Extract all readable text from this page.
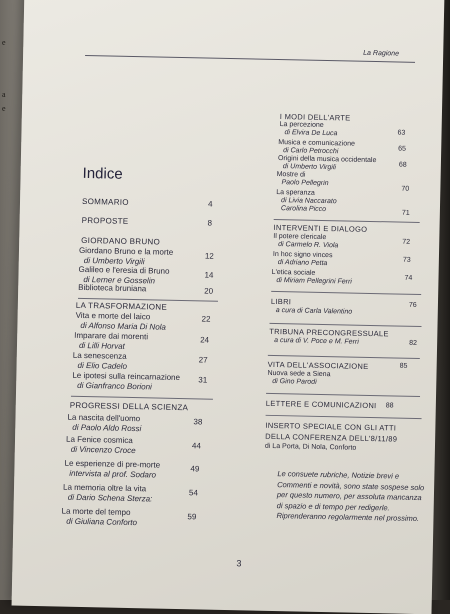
e
a
e
La Ragione
Indice
SOMMARIO	4
PROPOSTE	8
GIORDANO BRUNO
Giordano Bruno e la morte
di Umberto Virgili	12
Galileo e l'eresia di Bruno
di Lerner e Gosselin	14
Biblioteca bruniana	20
LA TRASFORMAZIONE
Vita e morte del laico
di Alfonso Maria Di Nola
22
Imparare dai morenti
di Lilli Horvat
24
La senescenza
di Elio Cadelo
27
Le ipotesi sulla reincarnazione
di Gianfranco Borioni
31
PROGRESSI DELLA SCIENZA
La nascita dell'uomo
di Paolo Aldo Rossi
38
La Fenice cosmica
di Vincenzo Croce	44
Le esperienze di pre-morte
intervista al prof. Sodaro	49
La memoria oltre la vita
di Dario Schena Sterza:	54
La morte del tempo
di Giuliana Conforto	59
I MODI DELL'ARTE
La percezione
di Elvira De Luca	63
Musica e comunicazione
di Carlo Petrocchi	65
Origini della musica occidentale
di Umberto Virgili	68
Mostre di
Paolo Pellegrin
70
La speranza
di Livia Naccarato
Carolina Picco
71
INTERVENTI E DIALOGO
Il potere clericale
di Carmelo R. Viola	72
In hoc signo vinces
di Adriano Petta	73
L'etica sociale
di Miriam Pellegrini Ferri	74
LIBRI
a cura di Carla Valentino
76
TRIBUNA PRECONGRESSUALE
a cura di V. Poce e M. Ferri	82
VITA DELL'ASSOCIAZIONE
Nuova sede a Siena
di Gino Parodi
85
LETTERE E COMUNICAZIONI 88
INSERTO SPECIALE CON GLI ATTI
DELLA CONFERENZA DELL'8/11/89
di La Porta, Di Nola, Conforto
Le consuete rubriche, Notizie brevi e Commenti e novità, sono state sospese solo per questo numero, per assoluta mancanza di spazio e di tempo per redigerle. Riprenderanno regolarmente nel prossimo.
3
